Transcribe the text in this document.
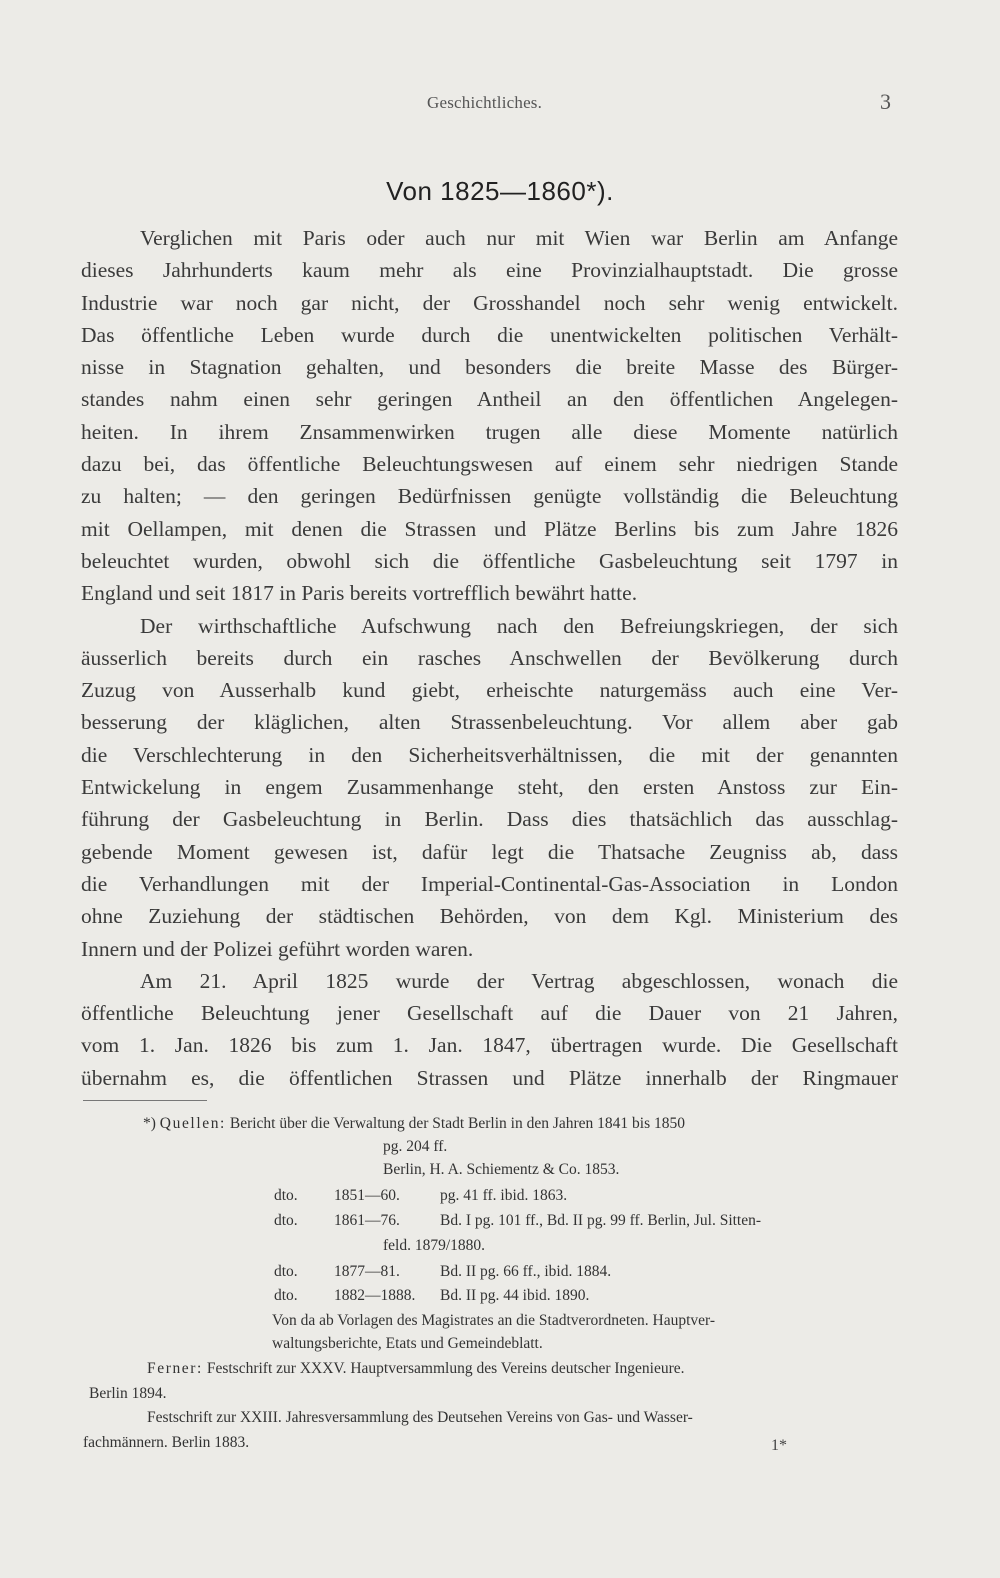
Geschichtliches.	3
Von 1825—1860*).
Verglichen mit Paris oder auch nur mit Wien war Berlin am Anfange
dieses Jahrhunderts kaum mehr als eine Provinzialhauptstadt. Die grosse
Industrie war noch gar nicht, der Grosshandel noch sehr wenig entwickelt.
Das öffentliche Leben wurde durch die unentwickelten politischen Verhält-
nisse in Stagnation gehalten, und besonders die breite Masse des Bürger-
standes nahm einen sehr geringen Antheil an den öffentlichen Angelegen-
heiten. In ihrem Znsammenwirken trugen alle diese Momente natürlich
dazu bei, das öffentliche Beleuchtungswesen auf einem sehr niedrigen Stande
zu halten; — den geringen Bedürfnissen genügte vollständig die Beleuchtung
mit Oellampen, mit denen die Strassen und Plätze Berlins bis zum Jahre 1826
beleuchtet wurden, obwohl sich die öffentliche Gasbeleuchtung seit 1797 in
England und seit 1817 in Paris bereits vortrefflich bewährt hatte.
Der wirthschaftliche Aufschwung nach den Befreiungskriegen, der sich
äusserlich bereits durch ein rasches Anschwellen der Bevölkerung durch
Zuzug von Ausserhalb kund giebt, erheischte naturgemäss auch eine Ver-
besserung der kläglichen, alten Strassenbeleuchtung. Vor allem aber gab
die Verschlechterung in den Sicherheitsverhältnissen, die mit der genannten
Entwickelung in engem Zusammenhange steht, den ersten Anstoss zur Ein-
führung der Gasbeleuchtung in Berlin. Dass dies thatsächlich das ausschlag-
gebende Moment gewesen ist, dafür legt die Thatsache Zeugniss ab, dass
die Verhandlungen mit der Imperial-Continental-Gas-Association in London
ohne Zuziehung der städtischen Behörden, von dem Kgl. Ministerium des
Innern und der Polizei geführt worden waren.
Am 21. April 1825 wurde der Vertrag abgeschlossen, wonach die
öffentliche Beleuchtung jener Gesellschaft auf die Dauer von 21 Jahren,
vom 1. Jan. 1826 bis zum 1. Jan. 1847, übertragen wurde. Die Gesellschaft
übernahm es, die öffentlichen Strassen und Plätze innerhalb der Ringmauer
*) Quellen: Bericht über die Verwaltung der Stadt Berlin in den Jahren 1841 bis 1850
pg. 204 ff.
Berlin, H. A. Schiementz & Co. 1853.
dto. 1851—60.	pg. 41 ff. ibid. 1863.
dto. 1861—76.	Bd. I pg. 101 ff., Bd. II pg. 99 ff. Berlin, Jul. Sitten-
feld. 1879/1880.
dto. 1877—81.	Bd. II pg. 66 ff., ibid. 1884.
dto. 1882—1888. Bd. II pg. 44 ibid. 1890.
Von da ab Vorlagen des Magistrates an die Stadtverordneten. Hauptver-
waltungsberichte, Etats und Gemeindeblatt.
Ferner: Festschrift zur XXXV. Hauptversammlung des Vereins deutscher Ingenieure.
Berlin 1894.
Festschrift zur XXIII. Jahresversammlung des Deutsehen Vereins von Gas- und Wasser-
fachmännern. Berlin 1883.	1*
